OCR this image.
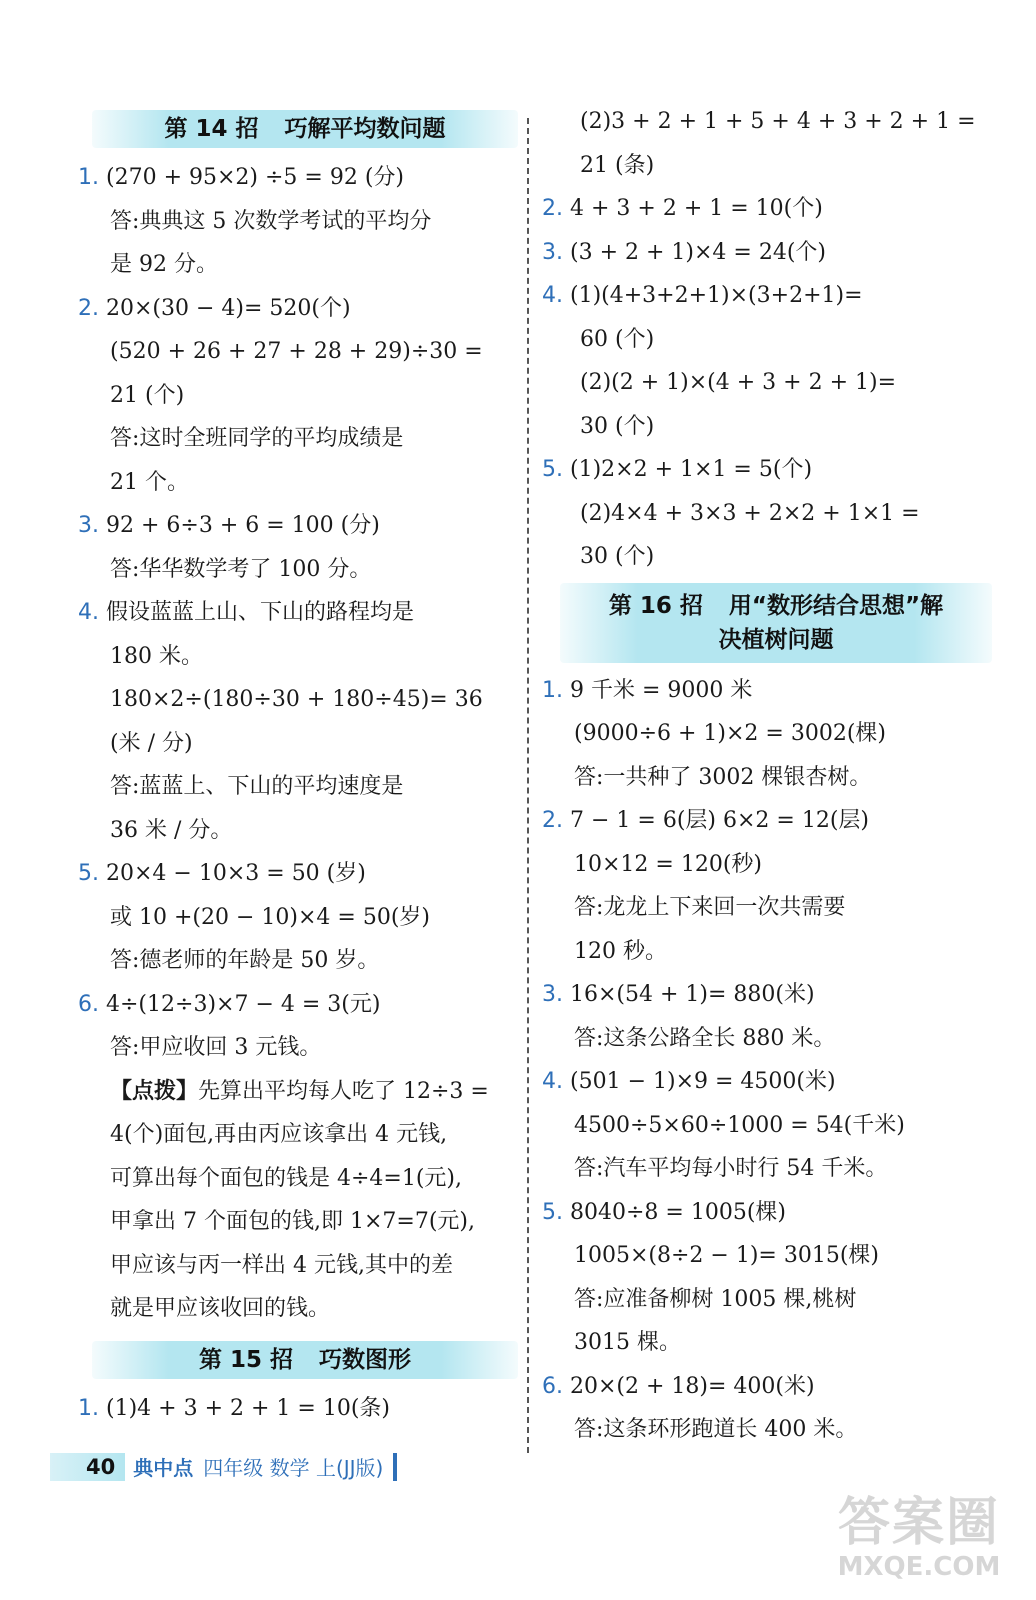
第 14 招 巧解平均数问题
1. (270 + 95×2) ÷5 = 92 (分)
答:典典这 5 次数学考试的平均分
是 92 分。
2. 20×(30 − 4)= 520(个)
(520 + 26 + 27 + 28 + 29)÷30 =
21 (个)
答:这时全班同学的平均成绩是
21 个。
3. 92 + 6÷3 + 6 = 100 (分)
答:华华数学考了 100 分。
4. 假设蓝蓝上山、下山的路程均是
180 米。
180×2÷(180÷30 + 180÷45)= 36
(米 / 分)
答:蓝蓝上、下山的平均速度是
36 米 / 分。
5. 20×4 − 10×3 = 50 (岁)
或 10 +(20 − 10)×4 = 50(岁)
答:德老师的年龄是 50 岁。
6. 4÷(12÷3)×7 − 4 = 3(元)
答:甲应收回 3 元钱。
【点拨】先算出平均每人吃了 12÷3 =
4(个)面包,再由丙应该拿出 4 元钱,
可算出每个面包的钱是 4÷4=1(元),
甲拿出 7 个面包的钱,即 1×7=7(元),
甲应该与丙一样出 4 元钱,其中的差
就是甲应该收回的钱。
第 15 招 巧数图形
1. (1)4 + 3 + 2 + 1 = 10(条)
(2)3 + 2 + 1 + 5 + 4 + 3 + 2 + 1 =
21 (条)
2. 4 + 3 + 2 + 1 = 10(个)
3. (3 + 2 + 1)×4 = 24(个)
4. (1)(4+3+2+1)×(3+2+1)=
60 (个)
(2)(2 + 1)×(4 + 3 + 2 + 1)=
30 (个)
5. (1)2×2 + 1×1 = 5(个)
(2)4×4 + 3×3 + 2×2 + 1×1 =
30 (个)
第 16 招 用“数形结合思想”解
决植树问题
1. 9 千米 = 9000 米
(9000÷6 + 1)×2 = 3002(棵)
答:一共种了 3002 棵银杏树。
2. 7 − 1 = 6(层) 6×2 = 12(层)
10×12 = 120(秒)
答:龙龙上下来回一次共需要
120 秒。
3. 16×(54 + 1)= 880(米)
答:这条公路全长 880 米。
4. (501 − 1)×9 = 4500(米)
4500÷5×60÷1000 = 54(千米)
答:汽车平均每小时行 54 千米。
5. 8040÷8 = 1005(棵)
1005×(8÷2 − 1)= 3015(棵)
答:应准备柳树 1005 棵,桃树
3015 棵。
6. 20×(2 + 18)= 400(米)
答:这条环形跑道长 400 米。
40 典中点 四年级 数学 上(JJ版)
答案圈
MXQE.COM
